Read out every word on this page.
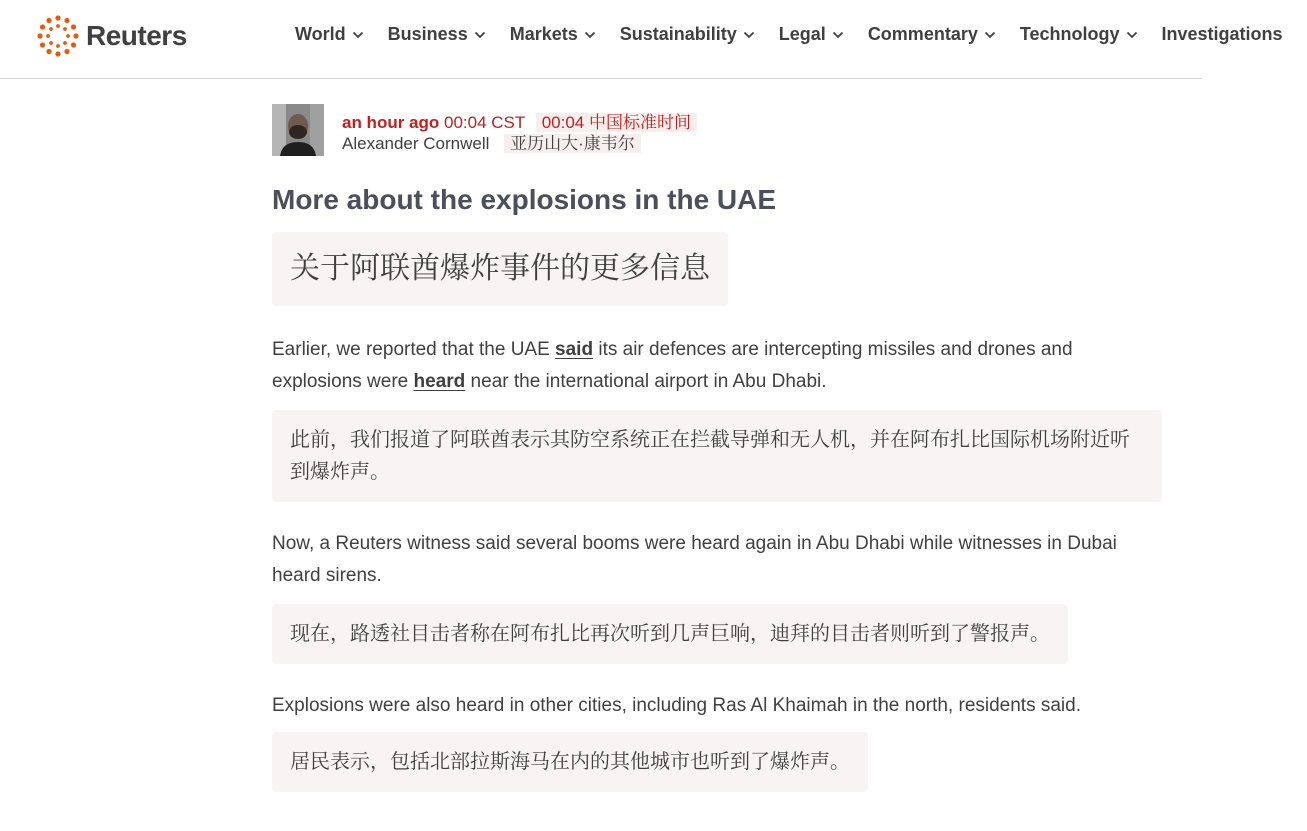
Reuters	World Business Markets Sustainability Legal Commentary Technology Investigations
an hour ago 00:04 CST 00:04 中国标准时间
Alexander Cornwell 亚历山大·康韦尔
More about the explosions in the UAE
关于阿联酋爆炸事件的更多信息
Earlier, we reported that the UAE said its air defences are intercepting missiles and drones and explosions were heard near the international airport in Abu Dhabi.
此前，我们报道了阿联酋表示其防空系统正在拦截导弹和无人机，并在阿布扎比国际机场附近听到爆炸声。
Now, a Reuters witness said several booms were heard again in Abu Dhabi while witnesses in Dubai heard sirens.
现在，路透社目击者称在阿布扎比再次听到几声巨响，迪拜的目击者则听到了警报声。
Explosions were also heard in other cities, including Ras Al Khaimah in the north, residents said.
居民表示，包括北部拉斯海马在内的其他城市也听到了爆炸声。
